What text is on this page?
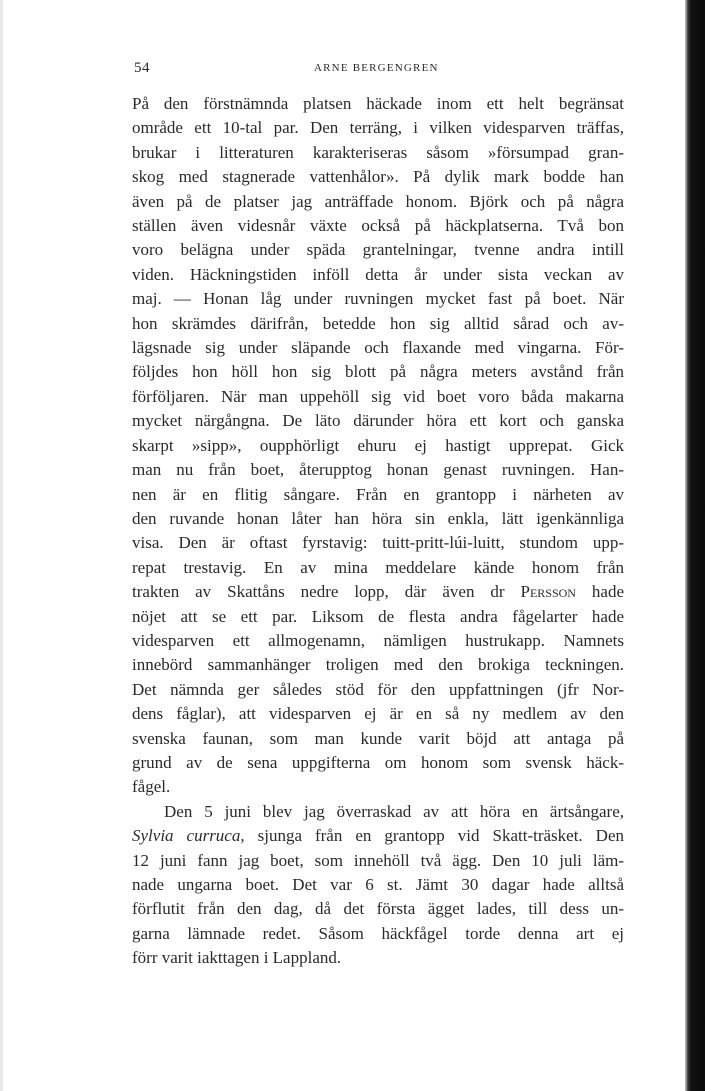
54	ARNE BERGENGREN
På den förstnämnda platsen häckade inom ett helt begränsat
område ett 10-tal par. Den terräng, i vilken videsparven träffas,
brukar i litteraturen karakteriseras såsom »försumpad gran-
skog med stagnerade vattenhålor». På dylik mark bodde han
även på de platser jag anträffade honom. Björk och på några
ställen även videsnår växte också på häckplatserna. Två bon
voro belägna under späda grantelningar, tvenne andra intill
viden. Häckningstiden inföll detta år under sista veckan av
maj. — Honan låg under ruvningen mycket fast på boet. När
hon skrämdes därifrån, betedde hon sig alltid sårad och av-
lägsnade sig under släpande och flaxande med vingarna. För-
följdes hon höll hon sig blott på några meters avstånd från
förföljaren. När man uppehöll sig vid boet voro båda makarna
mycket närgångna. De läto därunder höra ett kort och ganska
skarpt »sipp», oupphörligt ehuru ej hastigt upprepat. Gick
man nu från boet, återupptog honan genast ruvningen. Han-
nen är en flitig sångare. Från en grantopp i närheten av
den ruvande honan låter han höra sin enkla, lätt igenkännliga
visa. Den är oftast fyrstavig: tuitt-pritt-lúi-luitt, stundom upp-
repat trestavig. En av mina meddelare kände honom från
trakten av Skattåns nedre lopp, där även dr Persson hade
nöjet att se ett par. Liksom de flesta andra fågelarter hade
videsparven ett allmogenamn, nämligen hustrukapp. Namnets
innebörd sammanhänger troligen med den brokiga teckningen.
Det nämnda ger således stöd för den uppfattningen (jfr Nor-
dens fåglar), att videsparven ej är en så ny medlem av den
svenska faunan, som man kunde varit böjd att antaga på
grund av de sena uppgifterna om honom som svensk häck-
fågel.
Den 5 juni blev jag överraskad av att höra en ärtsångare,
Sylvia curruca, sjunga från en grantopp vid Skatt-träsket. Den
12 juni fann jag boet, som innehöll två ägg. Den 10 juli läm-
nade ungarna boet. Det var 6 st. Jämt 30 dagar hade alltså
förflutit från den dag, då det första ägget lades, till dess un-
garna lämnade redet. Såsom häckfågel torde denna art ej
förr varit iakttagen i Lappland.
